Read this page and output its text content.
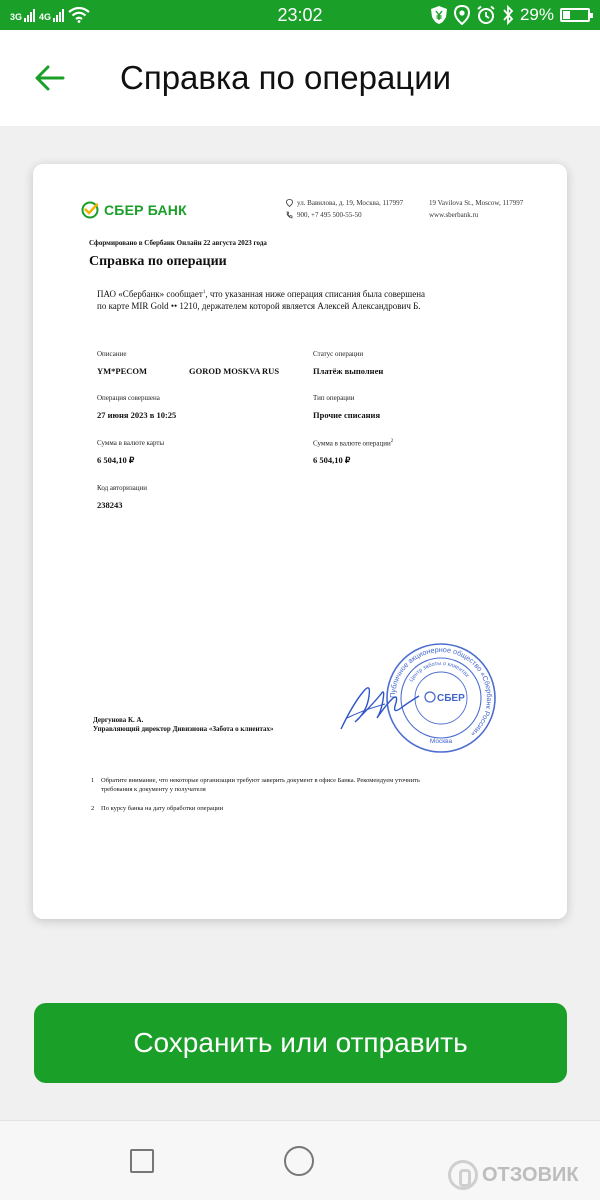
3G 4G	23:02	29%
Справка по операции
СБЕР БАНК	ул. Вавилова, д. 19, Москва, 117997
900, +7 495 500-55-50
19 Vavilova St., Moscow, 117997
www.sberbank.ru
Сформировано в Сбербанк Онлайн 22 августа 2023 года
Справка по операции
ПАО «Сбербанк» сообщает$^1$, что указанная ниже операция списания была совершена по карте MIR Gold •• 1210, держателем которой является Алексей Александрович Б.
Описание
YM*PECOM	GOROD MOSKVA RUS
Статус операции
Платёж выполнен
Операция совершена
27 июня 2023 в 10:25
Тип операции
Прочие списания
Сумма в валюте карты
6 504,10 ₽
Сумма в валюте операции$^2$
6 504,10 ₽
Код авторизации
238243
Публичное акционерное общество «Сбербанк России»
Центр заботы о клиентах
СБЕР
Москва
Дергунова К. А.
Управляющий директор Дивизиона «Забота о клиентах»
1 Обратите внимание, что некоторые организации требуют заверить документ в офисе Банка. Рекомендуем уточнить требования к документу у получателя
2 По курсу банка на дату обработки операции
Сохранить или отправить
ОТЗОВИК
